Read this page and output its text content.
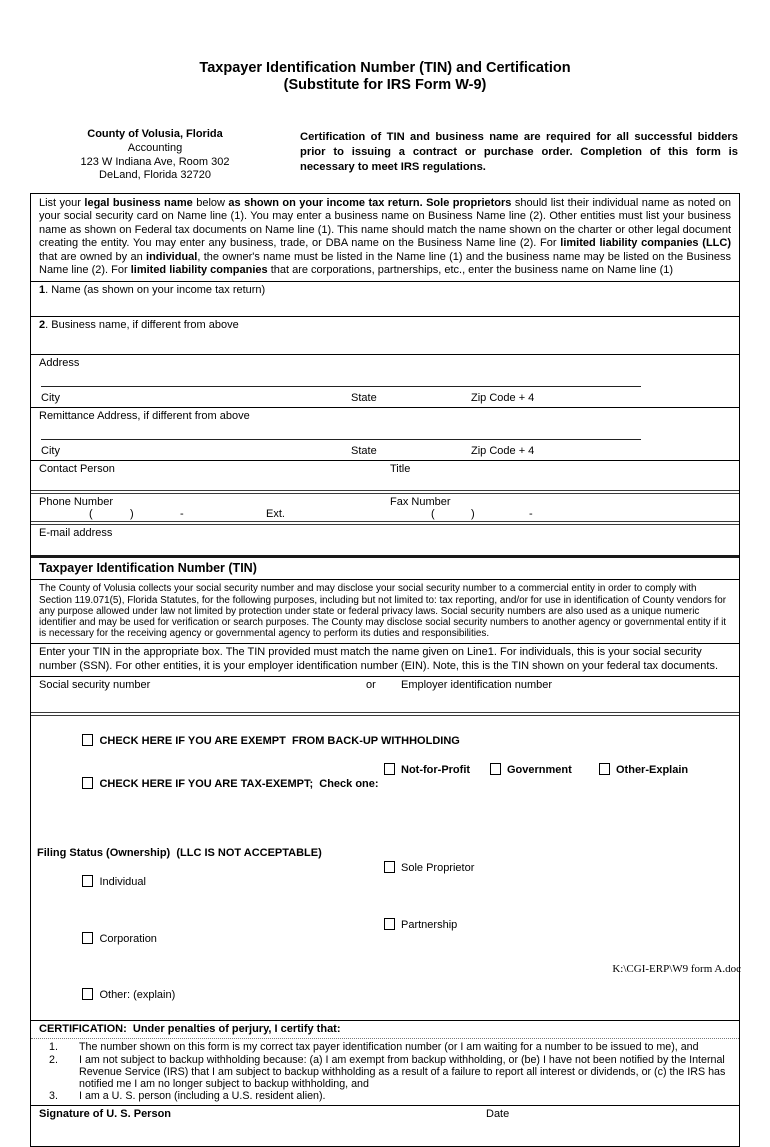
Taxpayer Identification Number (TIN) and Certification
(Substitute for IRS Form W-9)
County of Volusia, Florida
Accounting
123 W Indiana Ave, Room 302
DeLand, Florida 32720
Certification of TIN and business name are required for all successful bidders prior to issuing a contract or purchase order. Completion of this form is necessary to meet IRS regulations.
List your legal business name below as shown on your income tax return. Sole proprietors should list their individual name as noted on your social security card on Name line (1). You may enter a business name on Business Name line (2). Other entities must list your business name as shown on Federal tax documents on Name line (1). This name should match the name shown on the charter or other legal document creating the entity. You may enter any business, trade, or DBA name on the Business Name line (2). For limited liability companies (LLC) that are owned by an individual, the owner's name must be listed in the Name line (1) and the business name may be listed on the Business Name line (2). For limited liability companies that are corporations, partnerships, etc., enter the business name on Name line (1)
1. Name (as shown on your income tax return)
2. Business name, if different from above
Address
City	State	Zip Code + 4
Remittance Address, if different from above
City	State	Zip Code + 4
Contact Person	Title
Phone Number	Fax Number
(	)	-	Ext.	(	)	-
E-mail address
Taxpayer Identification Number (TIN)
The County of Volusia collects your social security number and may disclose your social security number to a commercial entity in order to comply with Section 119.071(5), Florida Statutes, for the following purposes, including but not limited to: tax reporting, and/or for use in identification of County vendors for any purpose allowed under law not limited by protection under state or federal privacy laws. Social security numbers are also used as a unique numeric identifier and may be used for verification or search purposes. The County may disclose social security numbers to another agency or governmental entity if it is necessary for the receiving agency or governmental agency to perform its duties and responsibilities.
Enter your TIN in the appropriate box. The TIN provided must match the name given on Line1. For individuals, this is your social security number (SSN). For other entities, it is your employer identification number (EIN). Note, this is the TIN shown on your federal tax documents.
Social security number	or Employer identification number

CHECK HERE IF YOU ARE EXEMPT  FROM BACK-UP WITHHOLDING

CHECK HERE IF YOU ARE TAX-EXEMPT;  Check one:

Not-for-Profit

	Government

	Other-Explain

Filing Status (Ownership)  (LLC IS NOT ACCEPTABLE)

Individual

Sole Proprietor

Corporation

Partnership

Other: (explain)

CERTIFICATION:  Under penalties of perjury, I certify that:
1.	The number shown on this form is my correct tax payer identification number (or I am waiting for a number to be issued to me), and
2.	I am not subject to backup withholding because: (a) I am exempt from backup withholding, or (be) I have not been notified by the Internal Revenue Service (IRS) that I am subject to backup withholding as a result of a failure to report all interest or dividends, or (c) the IRS has notified me I am no longer subject to backup withholding, and
3.	I am a U. S. person (including a U.S. resident alien).
Signature of U. S. Person	Date
K:\CGI-ERP\W9 form A.doc
